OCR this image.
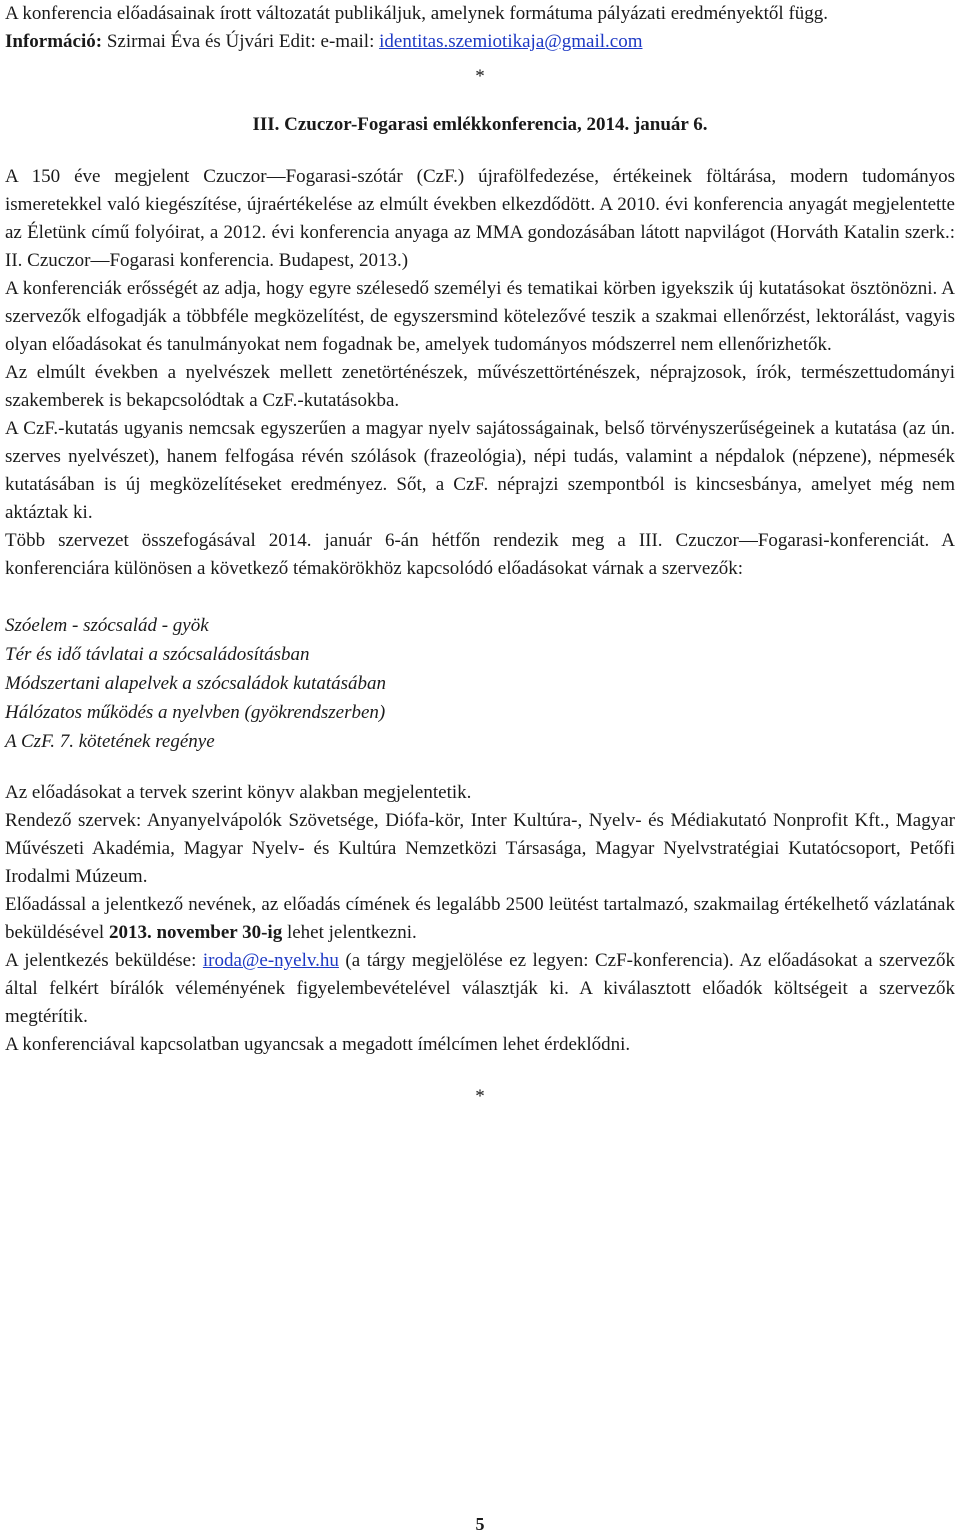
A konferencia előadásainak írott változatát publikáljuk, amelynek formátuma pályázati eredményektől függ.
Információ: Szirmai Éva és Újvári Edit: e-mail: identitas.szemiotikaja@gmail.com

*

III. Czuczor-Fogarasi emlékkonferencia, 2014. január 6.

A 150 éve megjelent Czuczor—Fogarasi-szótár (CzF.) újrafölfedezése, értékeinek föltárása, modern tudományos ismeretekkel való kiegészítése, újraértékelése az elmúlt években elkezdődött. A 2010. évi konferencia anyagát megjelentette az Életünk című folyóirat, a 2012. évi konferencia anyaga az MMA gondozásában látott napvilágot (Horváth Katalin szerk.: II. Czuczor—Fogarasi konferencia. Budapest, 2013.)

A konferenciák erősségét az adja, hogy egyre szélesedő személyi és tematikai körben igyekszik új kutatásokat ösztönözni. A szervezők elfogadják a többféle megközelítést, de egyszersmind kötelezővé teszik a szakmai ellenőrzést, lektorálást, vagyis olyan előadásokat és tanulmányokat nem fogadnak be, amelyek tudományos módszerrel nem ellenőrizhetők.

Az elmúlt években a nyelvészek mellett zenetörténészek, művészettörténészek, néprajzosok, írók, természettudományi szakemberek is bekapcsolódtak a CzF.-kutatásokba.

A CzF.-kutatás ugyanis nemcsak egyszerűen a magyar nyelv sajátosságainak, belső törvényszerűségeinek a kutatása (az ún. szerves nyelvészet), hanem felfogása révén szólások (frazeológia), népi tudás, valamint a népdalok (népzene), népmesék kutatásában is új megközelítéseket eredményez. Sőt, a CzF. néprajzi szempontból is kincsesbánya, amelyet még nem aktáztak ki.

Több szervezet összefogásával 2014. január 6-án hétfőn rendezik meg a III. Czuczor—Fogarasi-konferenciát. A konferenciára különösen a következő témakörökhöz kapcsolódó előadásokat várnak a szervezők:

Szóelem - szócsalád - gyök
Tér és idő távlatai a szócsaládosításban
Módszertani alapelvek a szócsaládok kutatásában
Hálózatos működés a nyelvben (gyökrendszerben)
A CzF. 7. kötetének regénye

Az előadásokat a tervek szerint könyv alakban megjelentetik.

Rendező szervek: Anyanyelvápolók Szövetsége, Diófa-kör, Inter Kultúra-, Nyelv- és Médiakutató Nonprofit Kft., Magyar Művészeti Akadémia, Magyar Nyelv- és Kultúra Nemzetközi Társasága, Magyar Nyelvstratégiai Kutatócsoport, Petőfi Irodalmi Múzeum.

Előadással a jelentkező nevének, az előadás címének és legalább 2500 leütést tartalmazó, szakmailag értékelhető vázlatának beküldésével 2013. november 30-ig lehet jelentkezni.

A jelentkezés beküldése: iroda@e-nyelv.hu (a tárgy megjelölése ez legyen: CzF-konferencia). Az előadásokat a szervezők által felkért bírálók véleményének figyelembevételével választják ki. A kiválasztott előadók költségeit a szervezők megtérítik.

A konferenciával kapcsolatban ugyancsak a megadott ímélcímen lehet érdeklődni.

*
5
